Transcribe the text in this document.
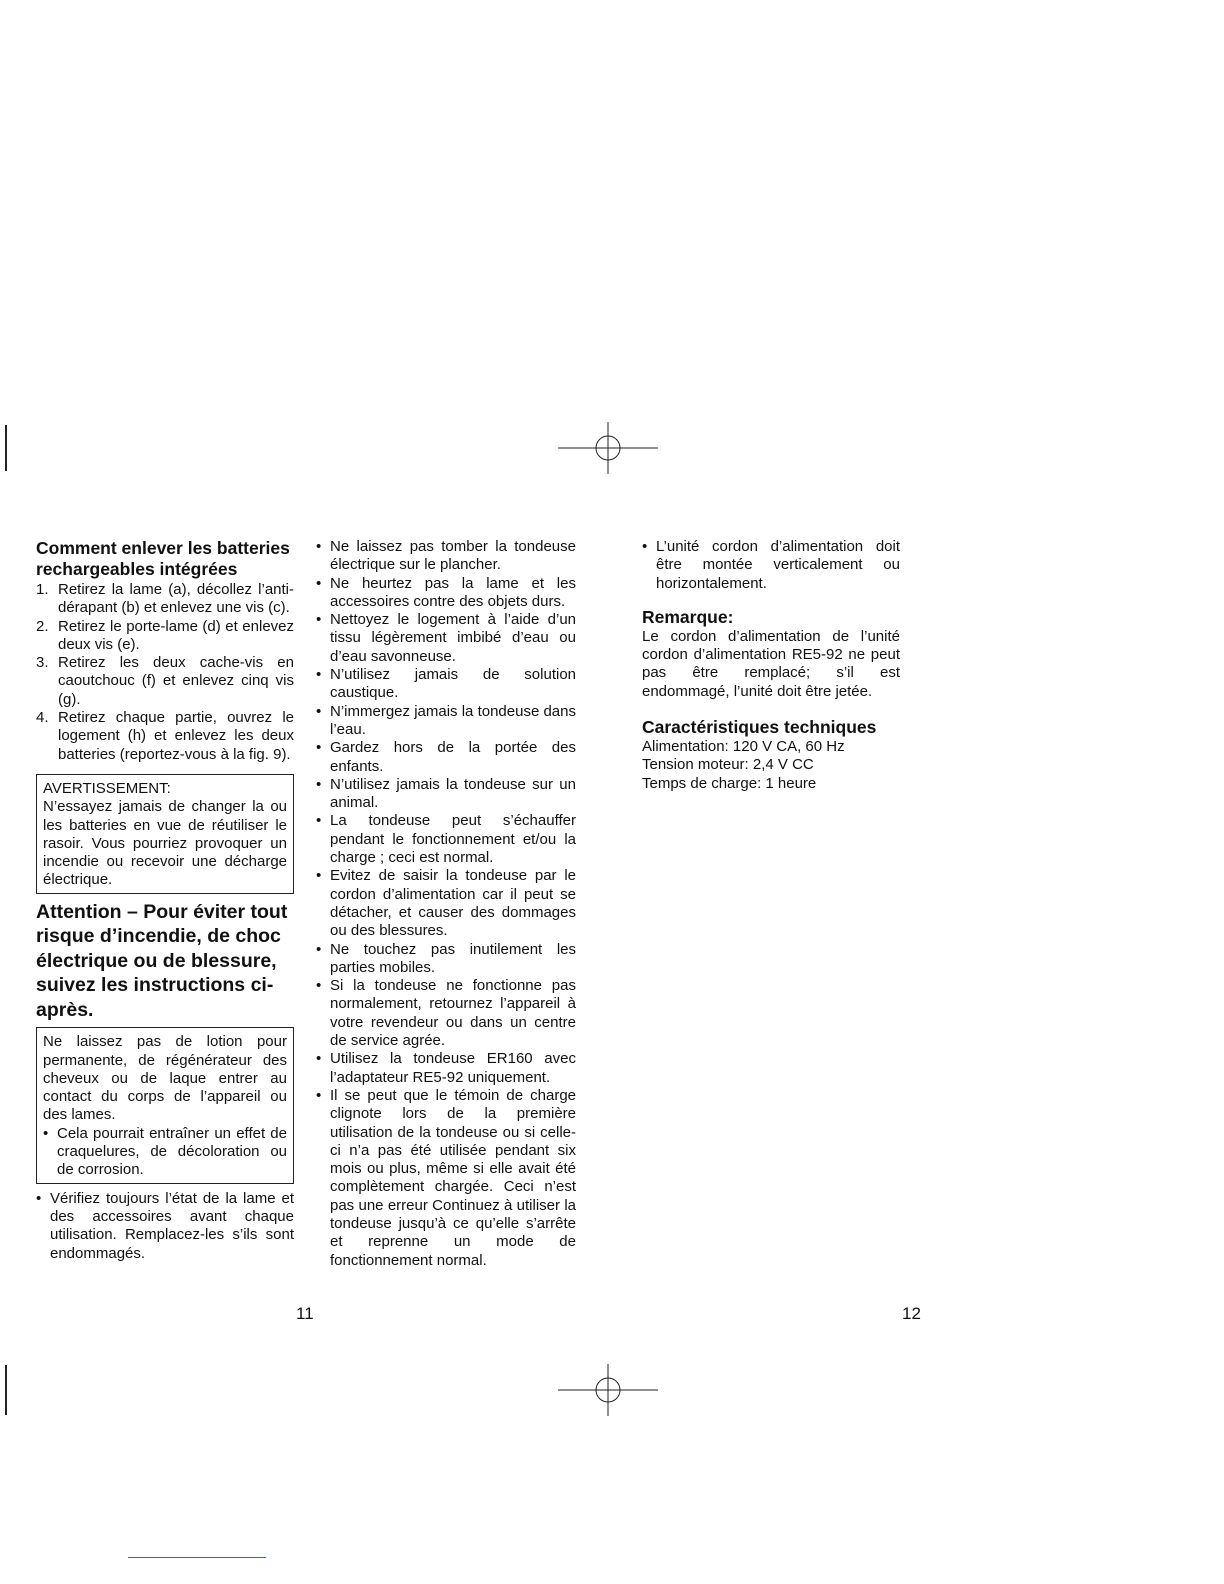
Comment enlever les batteries rechargeables intégrées

1. Retirez la lame (a), décollez l’anti-dérapant (b) et enlevez une vis (c).
2. Retirez le porte-lame (d) et enlevez deux vis (e).
3. Retirez les deux cache-vis en caoutchouc (f) et enlevez cinq vis (g).
4. Retirez chaque partie, ouvrez le logement (h) et enlevez les deux batteries (reportez-vous à la fig. 9).

AVERTISSEMENT:

N’essayez jamais de changer la ou les batteries en vue de réutiliser le rasoir. Vous pourriez provoquer un incendie ou recevoir une décharge électrique.

Attention – Pour éviter tout risque d’incendie, de choc électrique ou de blessure, suivez les instructions ci-après.

Ne laissez pas de lotion pour permanente, de régénérateur des cheveux ou de laque entrer au contact du corps de l’appareil ou des lames.

• Cela pourrait entraîner un effet de craquelures, de décoloration ou de corrosion.
• Vérifiez toujours l’état de la lame et des accessoires avant chaque utilisation. Remplacez-les s’ils sont endommagés.
• Ne laissez pas tomber la tondeuse électrique sur le plancher.
• Ne heurtez pas la lame et les accessoires contre des objets durs.
• Nettoyez le logement à l’aide d’un tissu légèrement imbibé d’eau ou d’eau savonneuse.
• N’utilisez jamais de solution caustique.
• N’immergez jamais la tondeuse dans l’eau.
• Gardez hors de la portée des enfants.
• N’utilisez jamais la tondeuse sur un animal.
• La tondeuse peut s’échauffer pendant le fonctionnement et/ou la charge ; ceci est normal.
• Evitez de saisir la tondeuse par le cordon d’alimentation car il peut se détacher, et causer des dommages ou des blessures.
• Ne touchez pas inutilement les parties mobiles.
• Si la tondeuse ne fonctionne pas normalement, retournez l’appareil à votre revendeur ou dans un centre de service agrée.
• Utilisez la tondeuse ER160 avec l’adaptateur RE5-92 uniquement.
• Il se peut que le témoin de charge clignote lors de la première utilisation de la tondeuse ou si celle-ci n’a pas été utilisée pendant six mois ou plus, même si elle avait été complètement chargée. Ceci n’est pas une erreur Continuez à utiliser la tondeuse jusqu’à ce qu’elle s’arrête et reprenne un mode de fonctionnement normal.
• L’unité cordon d’alimentation doit être montée verticalement ou horizontalement.

Remarque:

Le cordon d’alimentation de l’unité cordon d’alimentation RE5-92 ne peut pas être remplacé; s’il est endommagé, l’unité doit être jetée.

Caractéristiques techniques

Alimentation: 120 V CA, 60 Hz

Tension moteur: 2,4 V CC

Temps de charge: 1 heure

11	12
